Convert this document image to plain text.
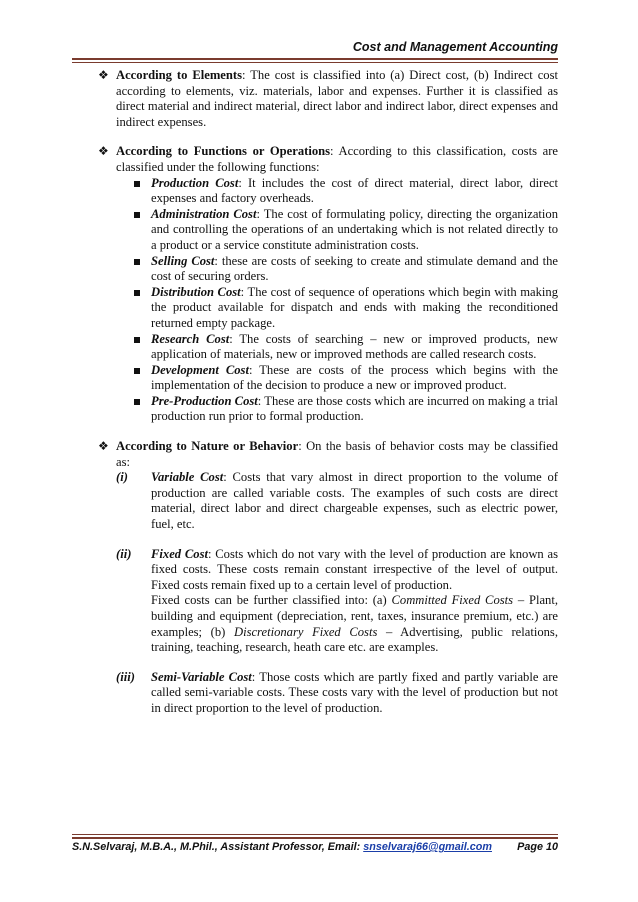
Cost and Management Accounting
❖ According to Elements: The cost is classified into (a) Direct cost, (b) Indirect cost according to elements, viz. materials, labor and expenses. Further it is classified as direct material and indirect material, direct labor and indirect labor, direct expenses and indirect expenses.
❖ According to Functions or Operations: According to this classification, costs are classified under the following functions:
Production Cost: It includes the cost of direct material, direct labor, direct expenses and factory overheads.
Administration Cost: The cost of formulating policy, directing the organization and controlling the operations of an undertaking which is not related directly to a product or a service constitute administration costs.
Selling Cost: these are costs of seeking to create and stimulate demand and the cost of securing orders.
Distribution Cost: The cost of sequence of operations which begin with making the product available for dispatch and ends with making the reconditioned returned empty package.
Research Cost: The costs of searching – new or improved products, new application of materials, new or improved methods are called research costs.
Development Cost: These are costs of the process which begins with the implementation of the decision to produce a new or improved product.
Pre-Production Cost: These are those costs which are incurred on making a trial production run prior to formal production.
❖ According to Nature or Behavior: On the basis of behavior costs may be classified as:
(i) Variable Cost: Costs that vary almost in direct proportion to the volume of production are called variable costs. The examples of such costs are direct material, direct labor and direct chargeable expenses, such as electric power, fuel, etc.
(ii) Fixed Cost: Costs which do not vary with the level of production are known as fixed costs. These costs remain constant irrespective of the level of output. Fixed costs remain fixed up to a certain level of production.
Fixed costs can be further classified into: (a) Committed Fixed Costs – Plant, building and equipment (depreciation, rent, taxes, insurance premium, etc.) are examples; (b) Discretionary Fixed Costs – Advertising, public relations, training, teaching, research, heath care etc. are examples.
(iii) Semi-Variable Cost: Those costs which are partly fixed and partly variable are called semi-variable costs. These costs vary with the level of production but not in direct proportion to the level of production.
S.N.Selvaraj, M.B.A., M.Phil., Assistant Professor, Email: snselvaraj66@gmail.com Page 10
